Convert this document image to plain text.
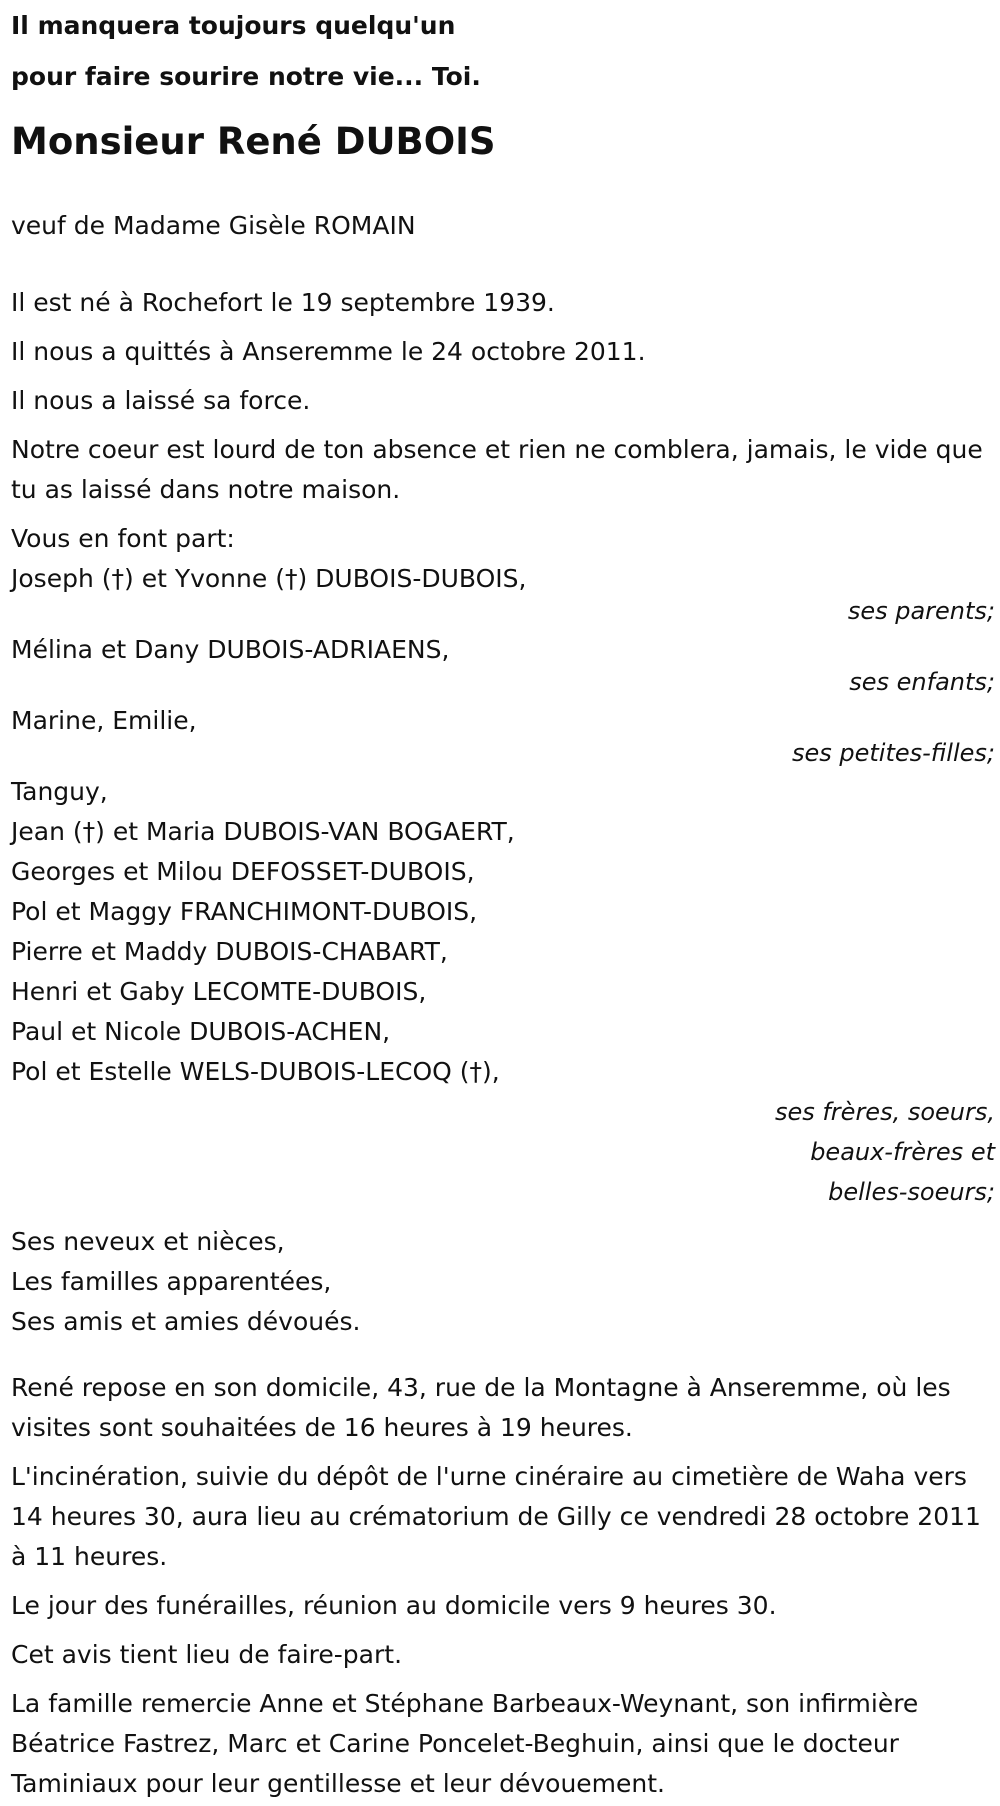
Il manquera toujours quelqu'un

pour faire sourire notre vie... Toi.

Monsieur René DUBOIS

veuf de Madame Gisèle ROMAIN

Il est né à Rochefort le 19 septembre 1939.

Il nous a quittés à Anseremme le 24 octobre 2011.

Il nous a laissé sa force.

Notre coeur est lourd de ton absence et rien ne comblera, jamais, le vide que tu as laissé dans notre maison.

Vous en font part:

Joseph (†) et Yvonne (†) DUBOIS-DUBOIS,

ses parents;

Mélina et Dany DUBOIS-ADRIAENS,

ses enfants;

Marine, Emilie,

ses petites-filles;

Tanguy,

Jean (†) et Maria DUBOIS-VAN BOGAERT,

Georges et Milou DEFOSSET-DUBOIS,

Pol et Maggy FRANCHIMONT-DUBOIS,

Pierre et Maddy DUBOIS-CHABART,

Henri et Gaby LECOMTE-DUBOIS,

Paul et Nicole DUBOIS-ACHEN,

Pol et Estelle WELS-DUBOIS-LECOQ (†),

ses frères, soeurs,

beaux-frères et

belles-soeurs;

Ses neveux et nièces,

Les familles apparentées,

Ses amis et amies dévoués.

René repose en son domicile, 43, rue de la Montagne à Anseremme, où les visites sont souhaitées de 16 heures à 19 heures.

L'incinération, suivie du dépôt de l'urne cinéraire au cimetière de Waha vers 14 heures 30, aura lieu au crématorium de Gilly ce vendredi 28 octobre 2011 à 11 heures.

Le jour des funérailles, réunion au domicile vers 9 heures 30.

Cet avis tient lieu de faire-part.

La famille remercie Anne et Stéphane Barbeaux-Weynant, son infirmière Béatrice Fastrez, Marc et Carine Poncelet-Beghuin, ainsi que le docteur Taminiaux pour leur gentillesse et leur dévouement.
